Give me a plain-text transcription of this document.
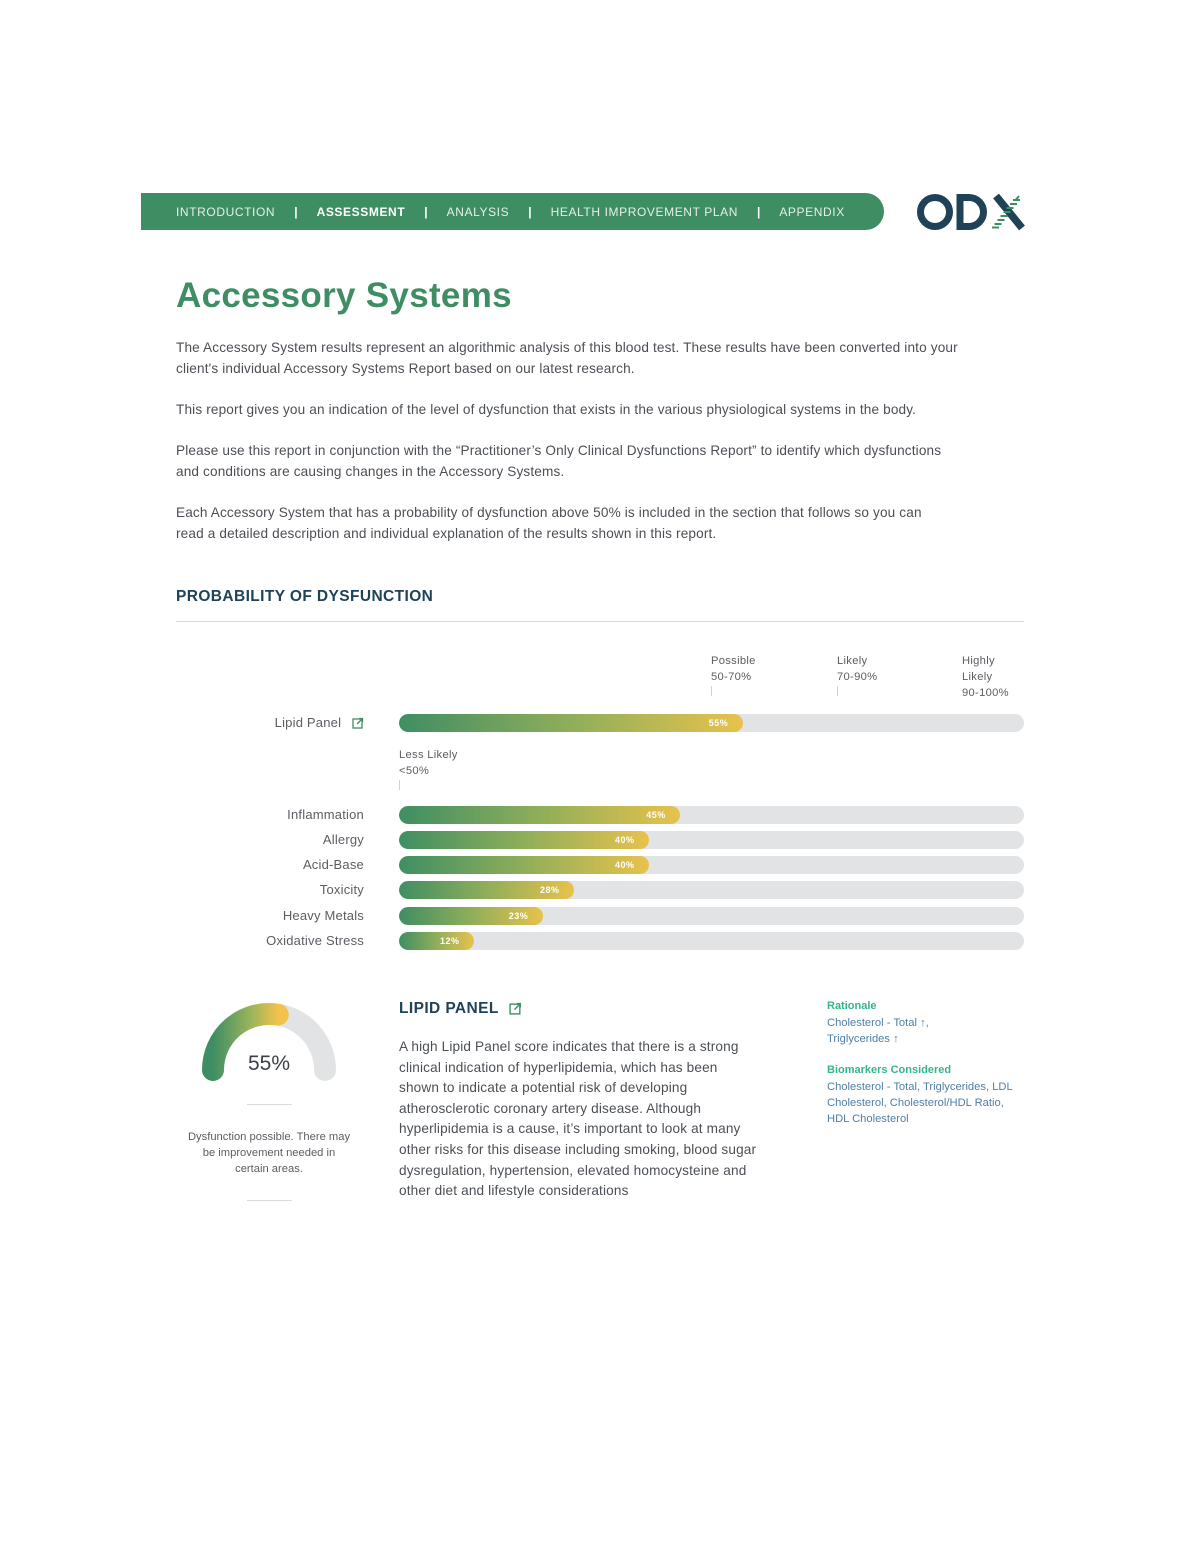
INTRODUCTION | ASSESSMENT | ANALYSIS | HEALTH IMPROVEMENT PLAN | APPENDIX
Accessory Systems

The Accessory System results represent an algorithmic analysis of this blood test. These results have been converted into your client's individual Accessory Systems Report based on our latest research.

This report gives you an indication of the level of dysfunction that exists in the various physiological systems in the body.

Please use this report in conjunction with the “Practitioner’s Only Clinical Dysfunctions Report” to identify which dysfunctions and conditions are causing changes in the Accessory Systems.

Each Accessory System that has a probability of dysfunction above 50% is included in the section that follows so you can read a detailed description and individual explanation of the results shown in this report.

PROBABILITY OF DYSFUNCTION
Possible
50-70%
Likely
70-90%
Highly Likely
90-100%
Less Likely
<50%
Lipid Panel	55%
Inflammation	45%
Allergy	40%
Acid-Base	40%
Toxicity	28%
Heavy Metals	23%
Oxidative Stress	12%
55%
Dysfunction possible. There may be improvement needed in certain areas.
LIPID PANEL

A high Lipid Panel score indicates that there is a strong clinical indication of hyperlipidemia, which has been shown to indicate a potential risk of developing atherosclerotic coronary artery disease. Although hyperlipidemia is a cause, it’s important to look at many other risks for this disease including smoking, blood sugar dysregulation, hypertension, elevated homocysteine and other diet and lifestyle considerations

Rationale
Cholesterol - Total ↑, Triglycerides ↑
Biomarkers Considered
Cholesterol - Total, Triglycerides, LDL Cholesterol, Cholesterol/HDL Ratio, HDL Cholesterol
